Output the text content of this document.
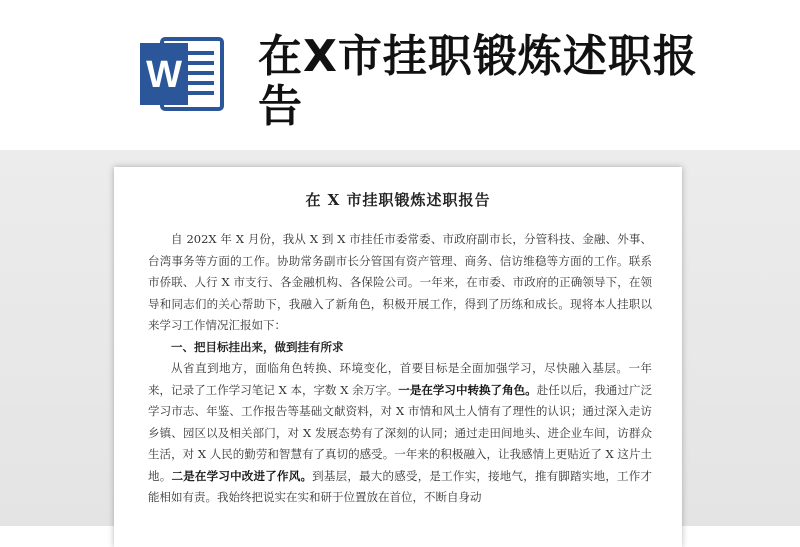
W 在X市挂职锻炼述职报告
在 X 市挂职锻炼述职报告

自 202X 年 X 月份，我从 X 到 X 市挂任市委常委、市政府副市长，分管科技、金融、外事、台湾事务等方面的工作。协助常务副市长分管国有资产管理、商务、信访维稳等方面的工作。联系市侨联、人行 X 市支行、各金融机构、各保险公司。一年来，在市委、市政府的正确领导下，在领导和同志们的关心帮助下，我融入了新角色，积极开展工作，得到了历练和成长。现将本人挂职以来学习工作情况汇报如下：

一、把目标挂出来，做到挂有所求

从省直到地方，面临角色转换、环境变化，首要目标是全面加强学习，尽快融入基层。一年来，记录了工作学习笔记 X 本，字数 X 余万字。一是在学习中转换了角色。赴任以后，我通过广泛学习市志、年鉴、工作报告等基础文献资料，对 X 市情和风土人情有了理性的认识；通过深入走访乡镇、园区以及相关部门，对 X 发展态势有了深刻的认同；通过走田间地头、进企业车间，访群众生活，对 X 人民的勤劳和智慧有了真切的感受。一年来的积极融入，让我感情上更贴近了 X 这片土地。二是在学习中改进了作风。到基层，最大的感受，是工作实，接地气，推有脚踏实地，工作才能相如有责。我始终把说实在实和研于位置放在首位，不断自身动
